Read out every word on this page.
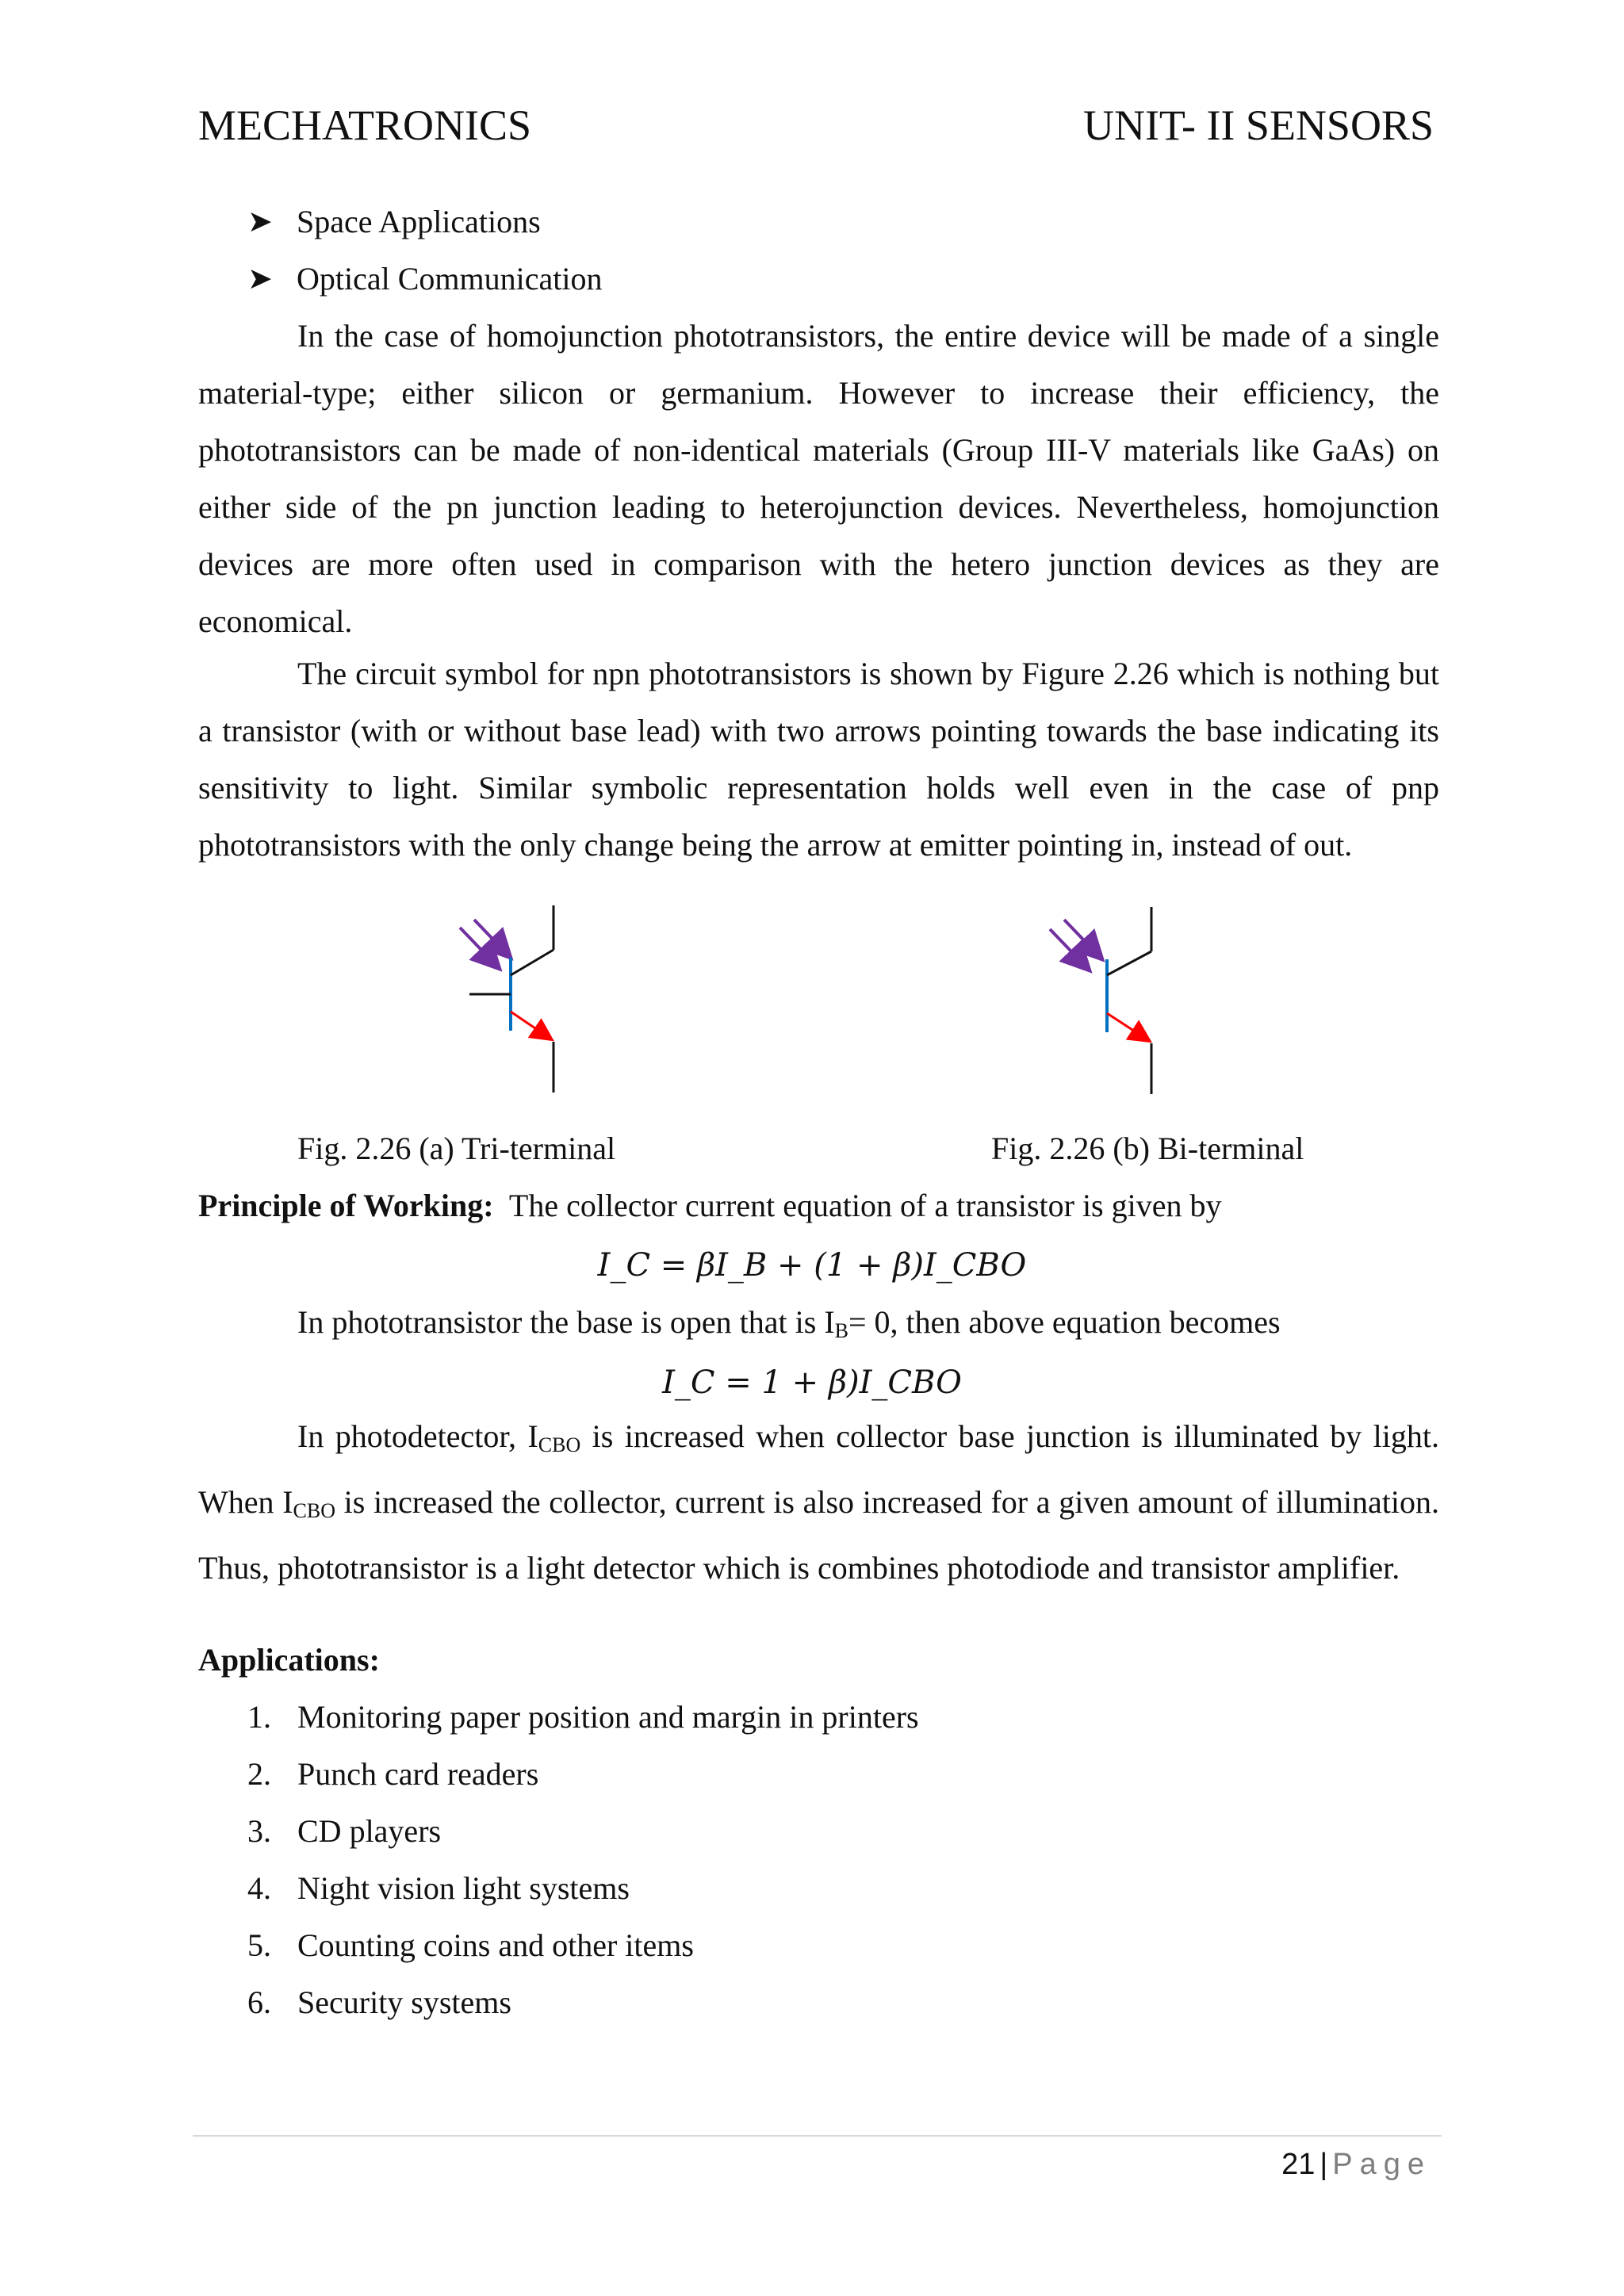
MECHATRONICS	UNIT- II SENSORS
➤ Space Applications
➤ Optical Communication

In the case of homojunction phototransistors, the entire device will be made of a single material-type; either silicon or germanium. However to increase their efficiency, the phototransistors can be made of non-identical materials (Group III-V materials like GaAs) on either side of the pn junction leading to heterojunction devices. Nevertheless, homojunction devices are more often used in comparison with the hetero junction devices as they are economical.

The circuit symbol for npn phototransistors is shown by Figure 2.26 which is nothing but a transistor (with or without base lead) with two arrows pointing towards the base indicating its sensitivity to light. Similar symbolic representation holds well even in the case of pnp phototransistors with the only change being the arrow at emitter pointing in, instead of out.

Fig. 2.26 (a) Tri-terminal	Fig. 2.26 (b) Bi-terminal
Principle of Working: The collector current equation of a transistor is given by
I_C = βI_B + (1 + β)I_CBO
In phototransistor the base is open that is $I_B= 0$, then above equation becomes
I_C = 1 + β)I_CBO

In photodetector, $I_{CBO}$ is increased when collector base junction is illuminated by light. When $I_{CBO}$ is increased the collector, current is also increased for a given amount of illumination. Thus, phototransistor is a light detector which is combines photodiode and transistor amplifier.

Applications:
1. Monitoring paper position and margin in printers
2. Punch card readers
3. CD players
4. Night vision light systems
5. Counting coins and other items
6. Security systems
21 | Page
